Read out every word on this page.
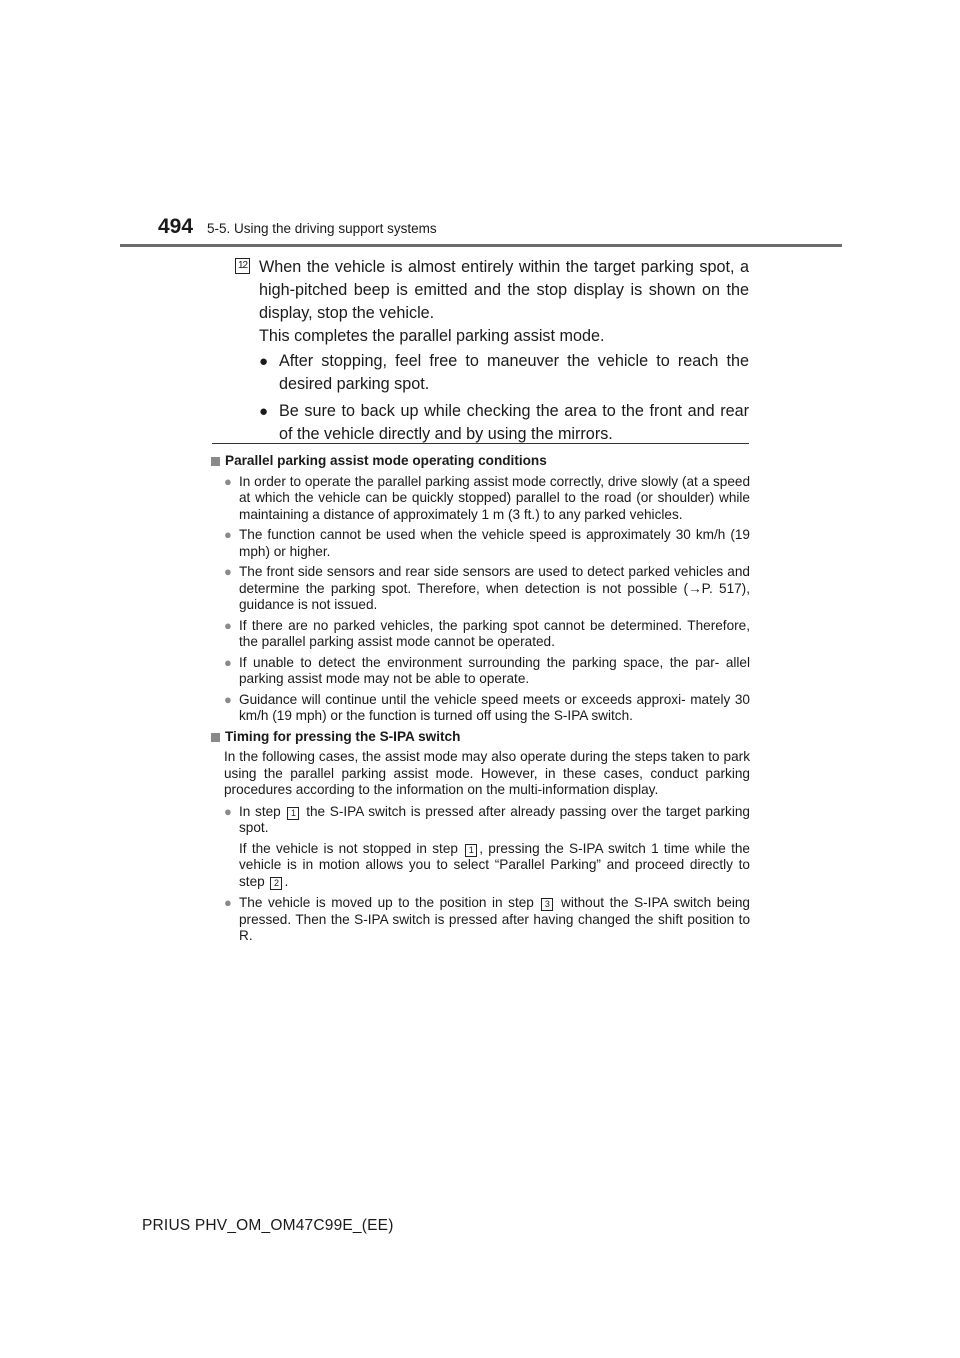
494 5-5. Using the driving support systems
12 When the vehicle is almost entirely within the target parking spot, a high-pitched beep is emitted and the stop display is shown on the display, stop the vehicle.

This completes the parallel parking assist mode.

● After stopping, feel free to maneuver the vehicle to reach the desired parking spot.
● Be sure to back up while checking the area to the front and rear of the vehicle directly and by using the mirrors.
Parallel parking assist mode operating conditions
● In order to operate the parallel parking assist mode correctly, drive slowly (at a speed at which the vehicle can be quickly stopped) parallel to the road (or shoulder) while maintaining a distance of approximately 1 m (3 ft.) to any parked vehicles.
● The function cannot be used when the vehicle speed is approximately 30 km/h (19 mph) or higher.
● The front side sensors and rear side sensors are used to detect parked vehicles and determine the parking spot. Therefore, when detection is not possible (→P. 517), guidance is not issued.
● If there are no parked vehicles, the parking spot cannot be determined. Therefore, the parallel parking assist mode cannot be operated.
● If unable to detect the environment surrounding the parking space, the par- allel parking assist mode may not be able to operate.
● Guidance will continue until the vehicle speed meets or exceeds approxi- mately 30 km/h (19 mph) or the function is turned off using the S-IPA switch.
Timing for pressing the S-IPA switch
In the following cases, the assist mode may also operate during the steps taken to park using the parallel parking assist mode. However, in these cases, conduct parking procedures according to the information on the multi-information display.
● In step 1 the S-IPA switch is pressed after already passing over the target parking spot.
If the vehicle is not stopped in step 1 , pressing the S-IPA switch 1 time while the vehicle is in motion allows you to select “Parallel Parking” and proceed directly to step 2 .
● The vehicle is moved up to the position in step 3 without the S-IPA switch being pressed. Then the S-IPA switch is pressed after having changed the shift position to R.
PRIUS PHV_OM_OM47C99E_(EE)
